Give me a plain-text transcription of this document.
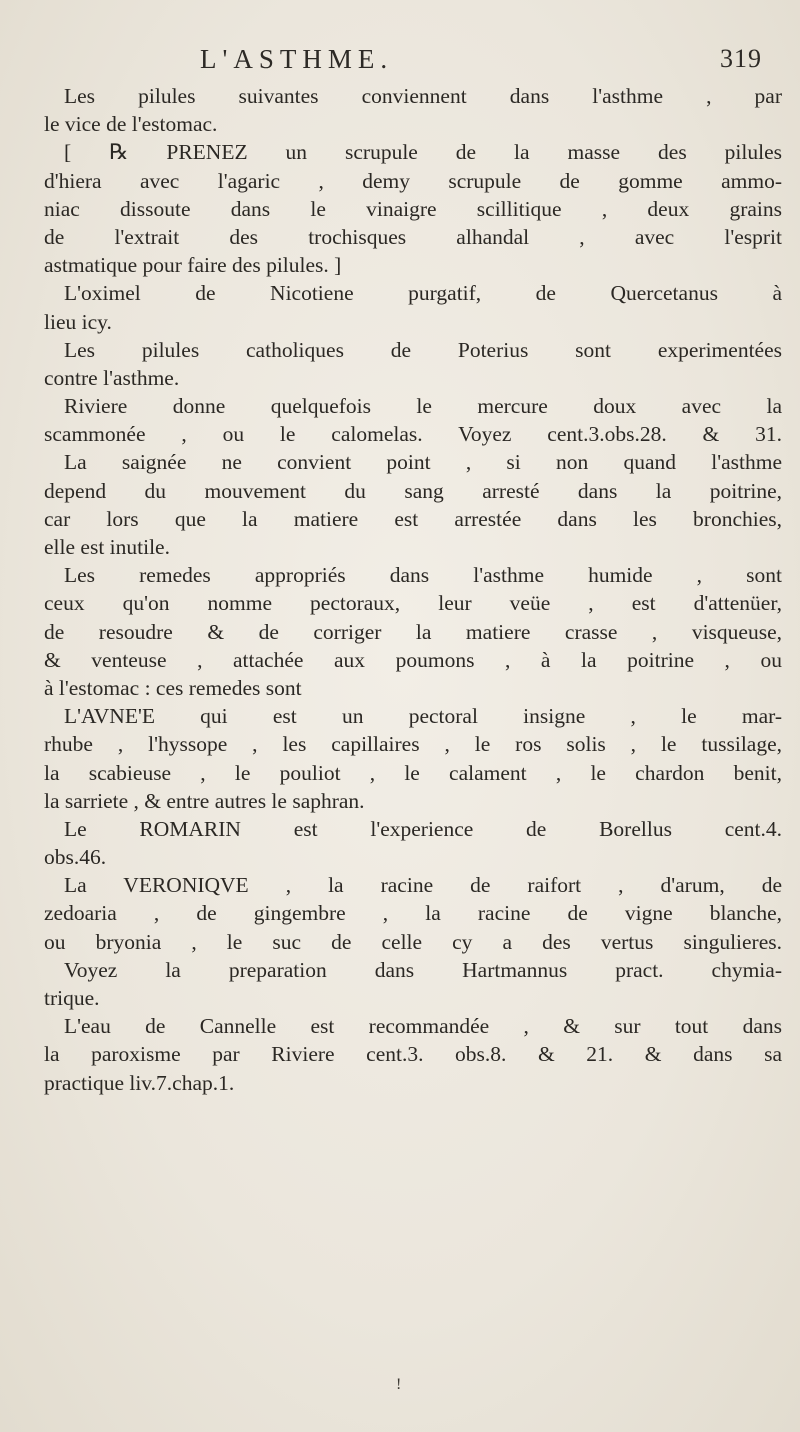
L'ASTHME.	319
Les pilules suivantes conviennent dans l'asthme , par
le vice de l'estomac.
[ ℞ PRENEZ un scrupule de la masse des pilules
d'hiera avec l'agaric , demy scrupule de gomme ammo-
niac dissoute dans le vinaigre scillitique , deux grains
de l'extrait des trochisques alhandal , avec l'esprit
astmatique pour faire des pilules. ]
L'oximel de Nicotiene purgatif, de Quercetanus à
lieu icy.
Les pilules catholiques de Poterius sont experimentées
contre l'asthme.
Riviere donne quelquefois le mercure doux avec la
scammonée , ou le calomelas. Voyez cent.3.obs.28. & 31.
La saignée ne convient point , si non quand l'asthme
depend du mouvement du sang arresté dans la poitrine,
car lors que la matiere est arrestée dans les bronchies,
elle est inutile.
Les remedes appropriés dans l'asthme humide , sont
ceux qu'on nomme pectoraux, leur veüe , est d'attenüer,
de resoudre & de corriger la matiere crasse , visqueuse,
& venteuse , attachée aux poumons , à la poitrine , ou
à l'estomac : ces remedes sont
L'AVNE'E qui est un pectoral insigne , le mar-
rhube , l'hyssope , les capillaires , le ros solis , le tussilage,
la scabieuse , le pouliot , le calament , le chardon benit,
la sarriete , & entre autres le saphran.
Le ROMARIN est l'experience de Borellus cent.4.
obs.46.
La VERONIQVE , la racine de raifort , d'arum, de
zedoaria , de gingembre , la racine de vigne blanche,
ou bryonia , le suc de celle cy a des vertus singulieres.
Voyez la preparation dans Hartmannus pract. chymia-
trique.
L'eau de Cannelle est recommandée , & sur tout dans
la paroxisme par Riviere cent.3. obs.8. & 21. & dans sa
practique liv.7.chap.1.
!
